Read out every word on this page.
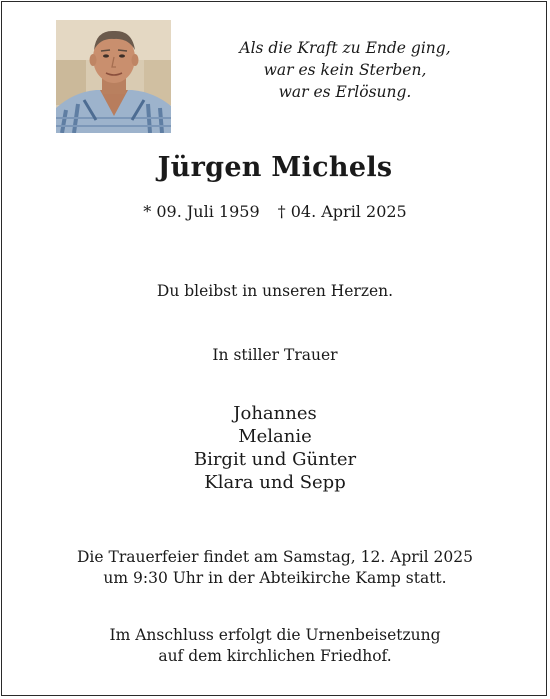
Als die Kraft zu Ende ging,
war es kein Sterben,
war es Erlösung.
Jürgen Michels
* 09. Juli 1959 † 04. April 2025
Du bleibst in unseren Herzen.
In stiller Trauer
Johannes
Melanie
Birgit und Günter
Klara und Sepp
Die Trauerfeier findet am Samstag, 12. April 2025
um 9:30 Uhr in der Abteikirche Kamp statt.
Im Anschluss erfolgt die Urnenbeisetzung
auf dem kirchlichen Friedhof.
